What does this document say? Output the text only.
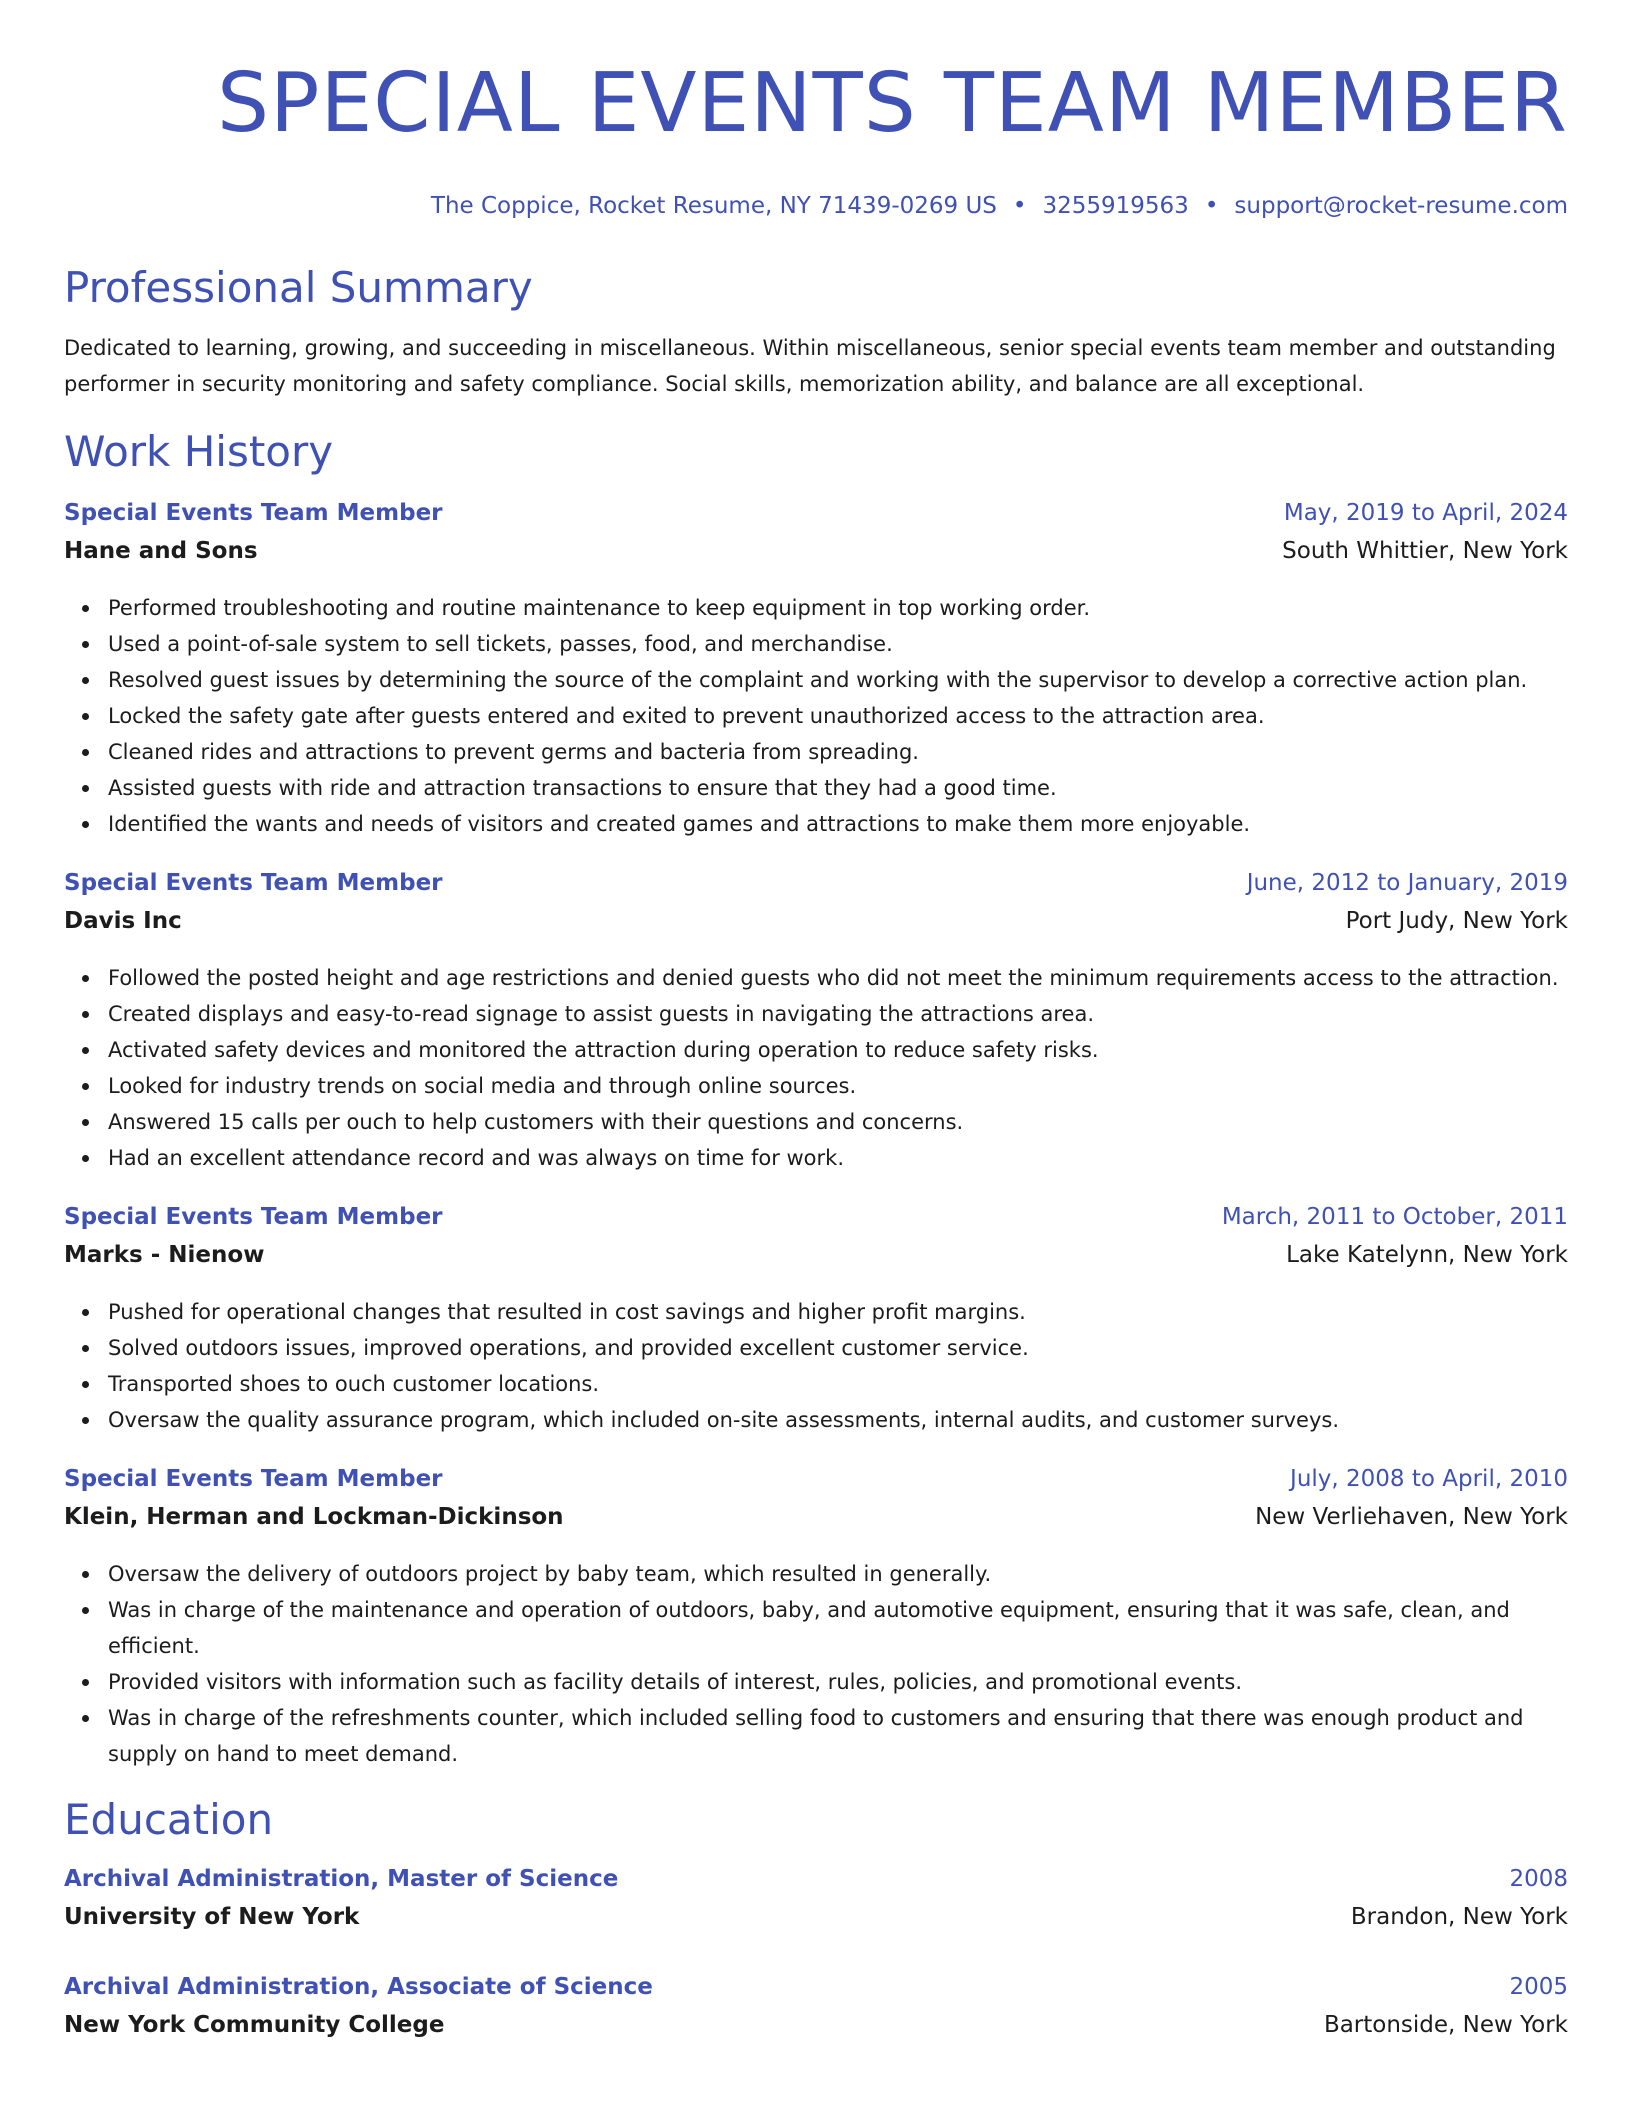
SPECIAL EVENTS TEAM MEMBER
The Coppice, Rocket Resume, NY 71439-0269 US • 3255919563 • support@rocket-resume.com
Professional Summary
Dedicated to learning, growing, and succeeding in miscellaneous. Within miscellaneous, senior special events team member and outstanding performer in security monitoring and safety compliance. Social skills, memorization ability, and balance are all exceptional.
Work History
Special Events Team Member	May, 2019 to April, 2024
Hane and Sons	South Whittier, New York
Performed troubleshooting and routine maintenance to keep equipment in top working order.
Used a point-of-sale system to sell tickets, passes, food, and merchandise.
Resolved guest issues by determining the source of the complaint and working with the supervisor to develop a corrective action plan.
Locked the safety gate after guests entered and exited to prevent unauthorized access to the attraction area.
Cleaned rides and attractions to prevent germs and bacteria from spreading.
Assisted guests with ride and attraction transactions to ensure that they had a good time.
Identified the wants and needs of visitors and created games and attractions to make them more enjoyable.
Special Events Team Member	June, 2012 to January, 2019
Davis Inc	Port Judy, New York
Followed the posted height and age restrictions and denied guests who did not meet the minimum requirements access to the attraction.
Created displays and easy-to-read signage to assist guests in navigating the attractions area.
Activated safety devices and monitored the attraction during operation to reduce safety risks.
Looked for industry trends on social media and through online sources.
Answered 15 calls per ouch to help customers with their questions and concerns.
Had an excellent attendance record and was always on time for work.
Special Events Team Member	March, 2011 to October, 2011
Marks - Nienow	Lake Katelynn, New York
Pushed for operational changes that resulted in cost savings and higher profit margins.
Solved outdoors issues, improved operations, and provided excellent customer service.
Transported shoes to ouch customer locations.
Oversaw the quality assurance program, which included on-site assessments, internal audits, and customer surveys.
Special Events Team Member	July, 2008 to April, 2010
Klein, Herman and Lockman-Dickinson	New Verliehaven, New York
Oversaw the delivery of outdoors project by baby team, which resulted in generally.
Was in charge of the maintenance and operation of outdoors, baby, and automotive equipment, ensuring that it was safe, clean, and efficient.
Provided visitors with information such as facility details of interest, rules, policies, and promotional events.
Was in charge of the refreshments counter, which included selling food to customers and ensuring that there was enough product and supply on hand to meet demand.
Education
Archival Administration, Master of Science	2008
University of New York	Brandon, New York
Archival Administration, Associate of Science	2005
New York Community College	Bartonside, New York
